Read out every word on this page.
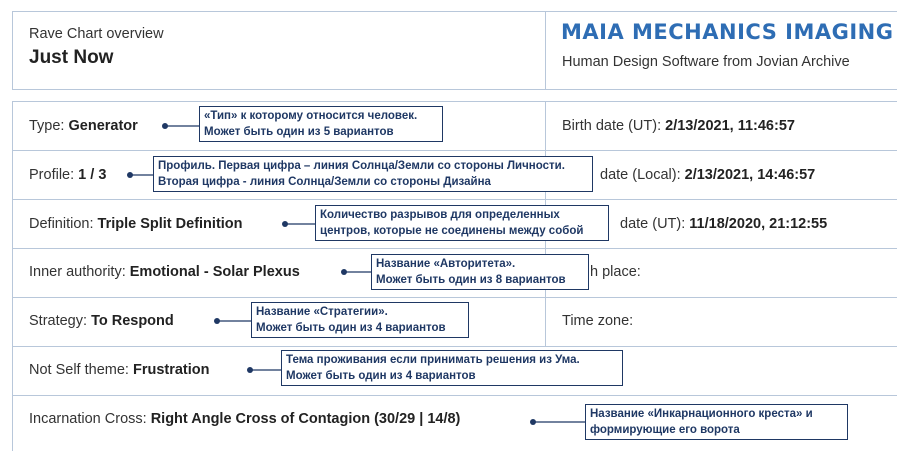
Rave Chart overview
Just Now
MAIA MECHANICS IMAGING
Human Design Software from Jovian Archive
Type: Generator
Profile: 1 / 3
Definition: Triple Split Definition
Inner authority: Emotional - Solar Plexus
Strategy: To Respond
Not Self theme: Frustration
Incarnation Cross: Right Angle Cross of Contagion (30/29 | 14/8)
Birth date (UT): 2/13/2021, 11:46:57
date (Local): 2/13/2021, 14:46:57
date (UT): 11/18/2020, 21:12:55
h place:
Time zone:
«Тип» к которому относится человек.
Может быть один из 5 вариантов
Профиль. Первая цифра – линия Солнца/Земли со стороны Личности.
Вторая цифра - линия Солнца/Земли со стороны Дизайна
Количество разрывов для определенных
центров, которые не соединены между собой
Название «Авторитета».
Может быть один из 8 вариантов
Название «Стратегии».
Может быть один из 4 вариантов
Тема проживания если принимать решения из Ума.
Может быть один из 4 вариантов
Название «Инкарнационного креста» и
формирующие его ворота
